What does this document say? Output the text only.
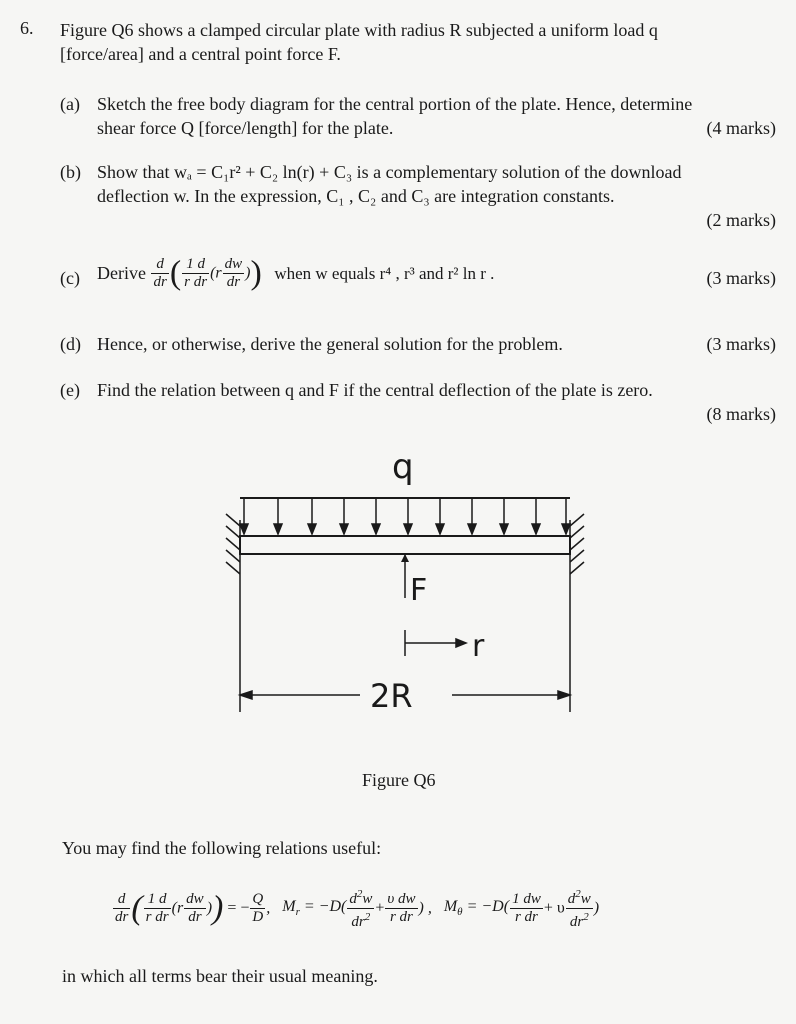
6. Figure Q6 shows a clamped circular plate with radius R subjected a uniform load q
[force/area] and a central point force F.
(a) Sketch the free body diagram for the central portion of the plate. Hence, determine
shear force Q [force/length] for the plate.	(4 marks)
(b) Show that wₐ = C₁r² + C₂ ln(r) + C₃ is a complementary solution of the download
deflection w. In the expression, C₁ , C₂ and C₃ are integration constants.
(2 marks)
(c)	(3 marks)
Derive $\frac{d}{dr}$ ( $\frac{1 d}{\text{r dr}} (r \frac{dw}{dr}$ )) when w equals r⁴ , r³ and r² ln r .
(d) Hence, or otherwise, derive the general solution for the problem.	(3 marks)
(e) Find the relation between q and F if the central deflection of the plate is zero.
(8 marks)
q
F
r
2R
Figure Q6
You may find the following relations useful:
$\frac{d}{dr}$ ( $\frac{1 d}{\text{r dr}} (r \frac{dw}{dr}$ )) = − $\frac{Q}{D}$ ,   $M_r = -D( \frac{d^2w}{dr^2} + \frac{\text{υ dw}}{\text{r dr}}$ ) ,   $M_\theta = -D( \frac{1 dw}{\text{r dr}} + \upsilon \frac{d^2w}{dr^2}$ )
in which all terms bear their usual meaning.
